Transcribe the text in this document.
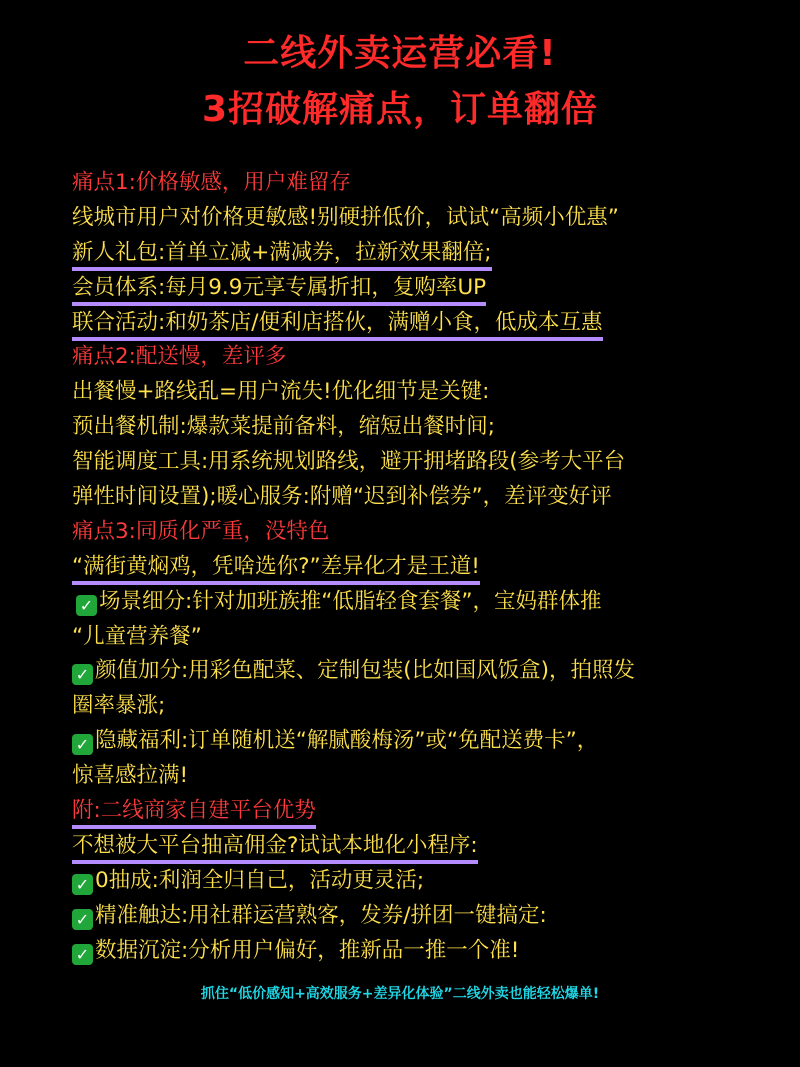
二线外卖运营必看!
3招破解痛点，订单翻倍
痛点1:价格敏感，用户难留存
线城市用户对价格更敏感!别硬拼低价，试试“高频小优惠”
新人礼包:首单立减+满减券，拉新效果翻倍;
会员体系:每月9.9元享专属折扣，复购率UP
联合活动:和奶茶店/便利店搭伙，满赠小食，低成本互惠
痛点2:配送慢，差评多
出餐慢+路线乱=用户流失!优化细节是关键:
预出餐机制:爆款菜提前备料，缩短出餐时间;
智能调度工具:用系统规划路线，避开拥堵路段(参考大平台
弹性时间设置);暖心服务:附赠“迟到补偿券”，差评变好评
痛点3:同质化严重，没特色
“满街黄焖鸡，凭啥选你?”差异化才是王道!
✓ 场景细分:针对加班族推“低脂轻食套餐”，宝妈群体推
“儿童营养餐”
✓ 颜值加分:用彩色配菜、定制包装(比如国风饭盒)，拍照发
圈率暴涨;
✓ 隐藏福利:订单随机送“解腻酸梅汤”或“免配送费卡”，
惊喜感拉满!
附:二线商家自建平台优势
不想被大平台抽高佣金?试试本地化小程序:
✓ 0抽成:利润全归自己，活动更灵活;
✓ 精准触达:用社群运营熟客，发券/拼团一键搞定:
✓ 数据沉淀:分析用户偏好，推新品一推一个准!
抓住“低价感知+高效服务+差异化体验”二线外卖也能轻松爆单!
